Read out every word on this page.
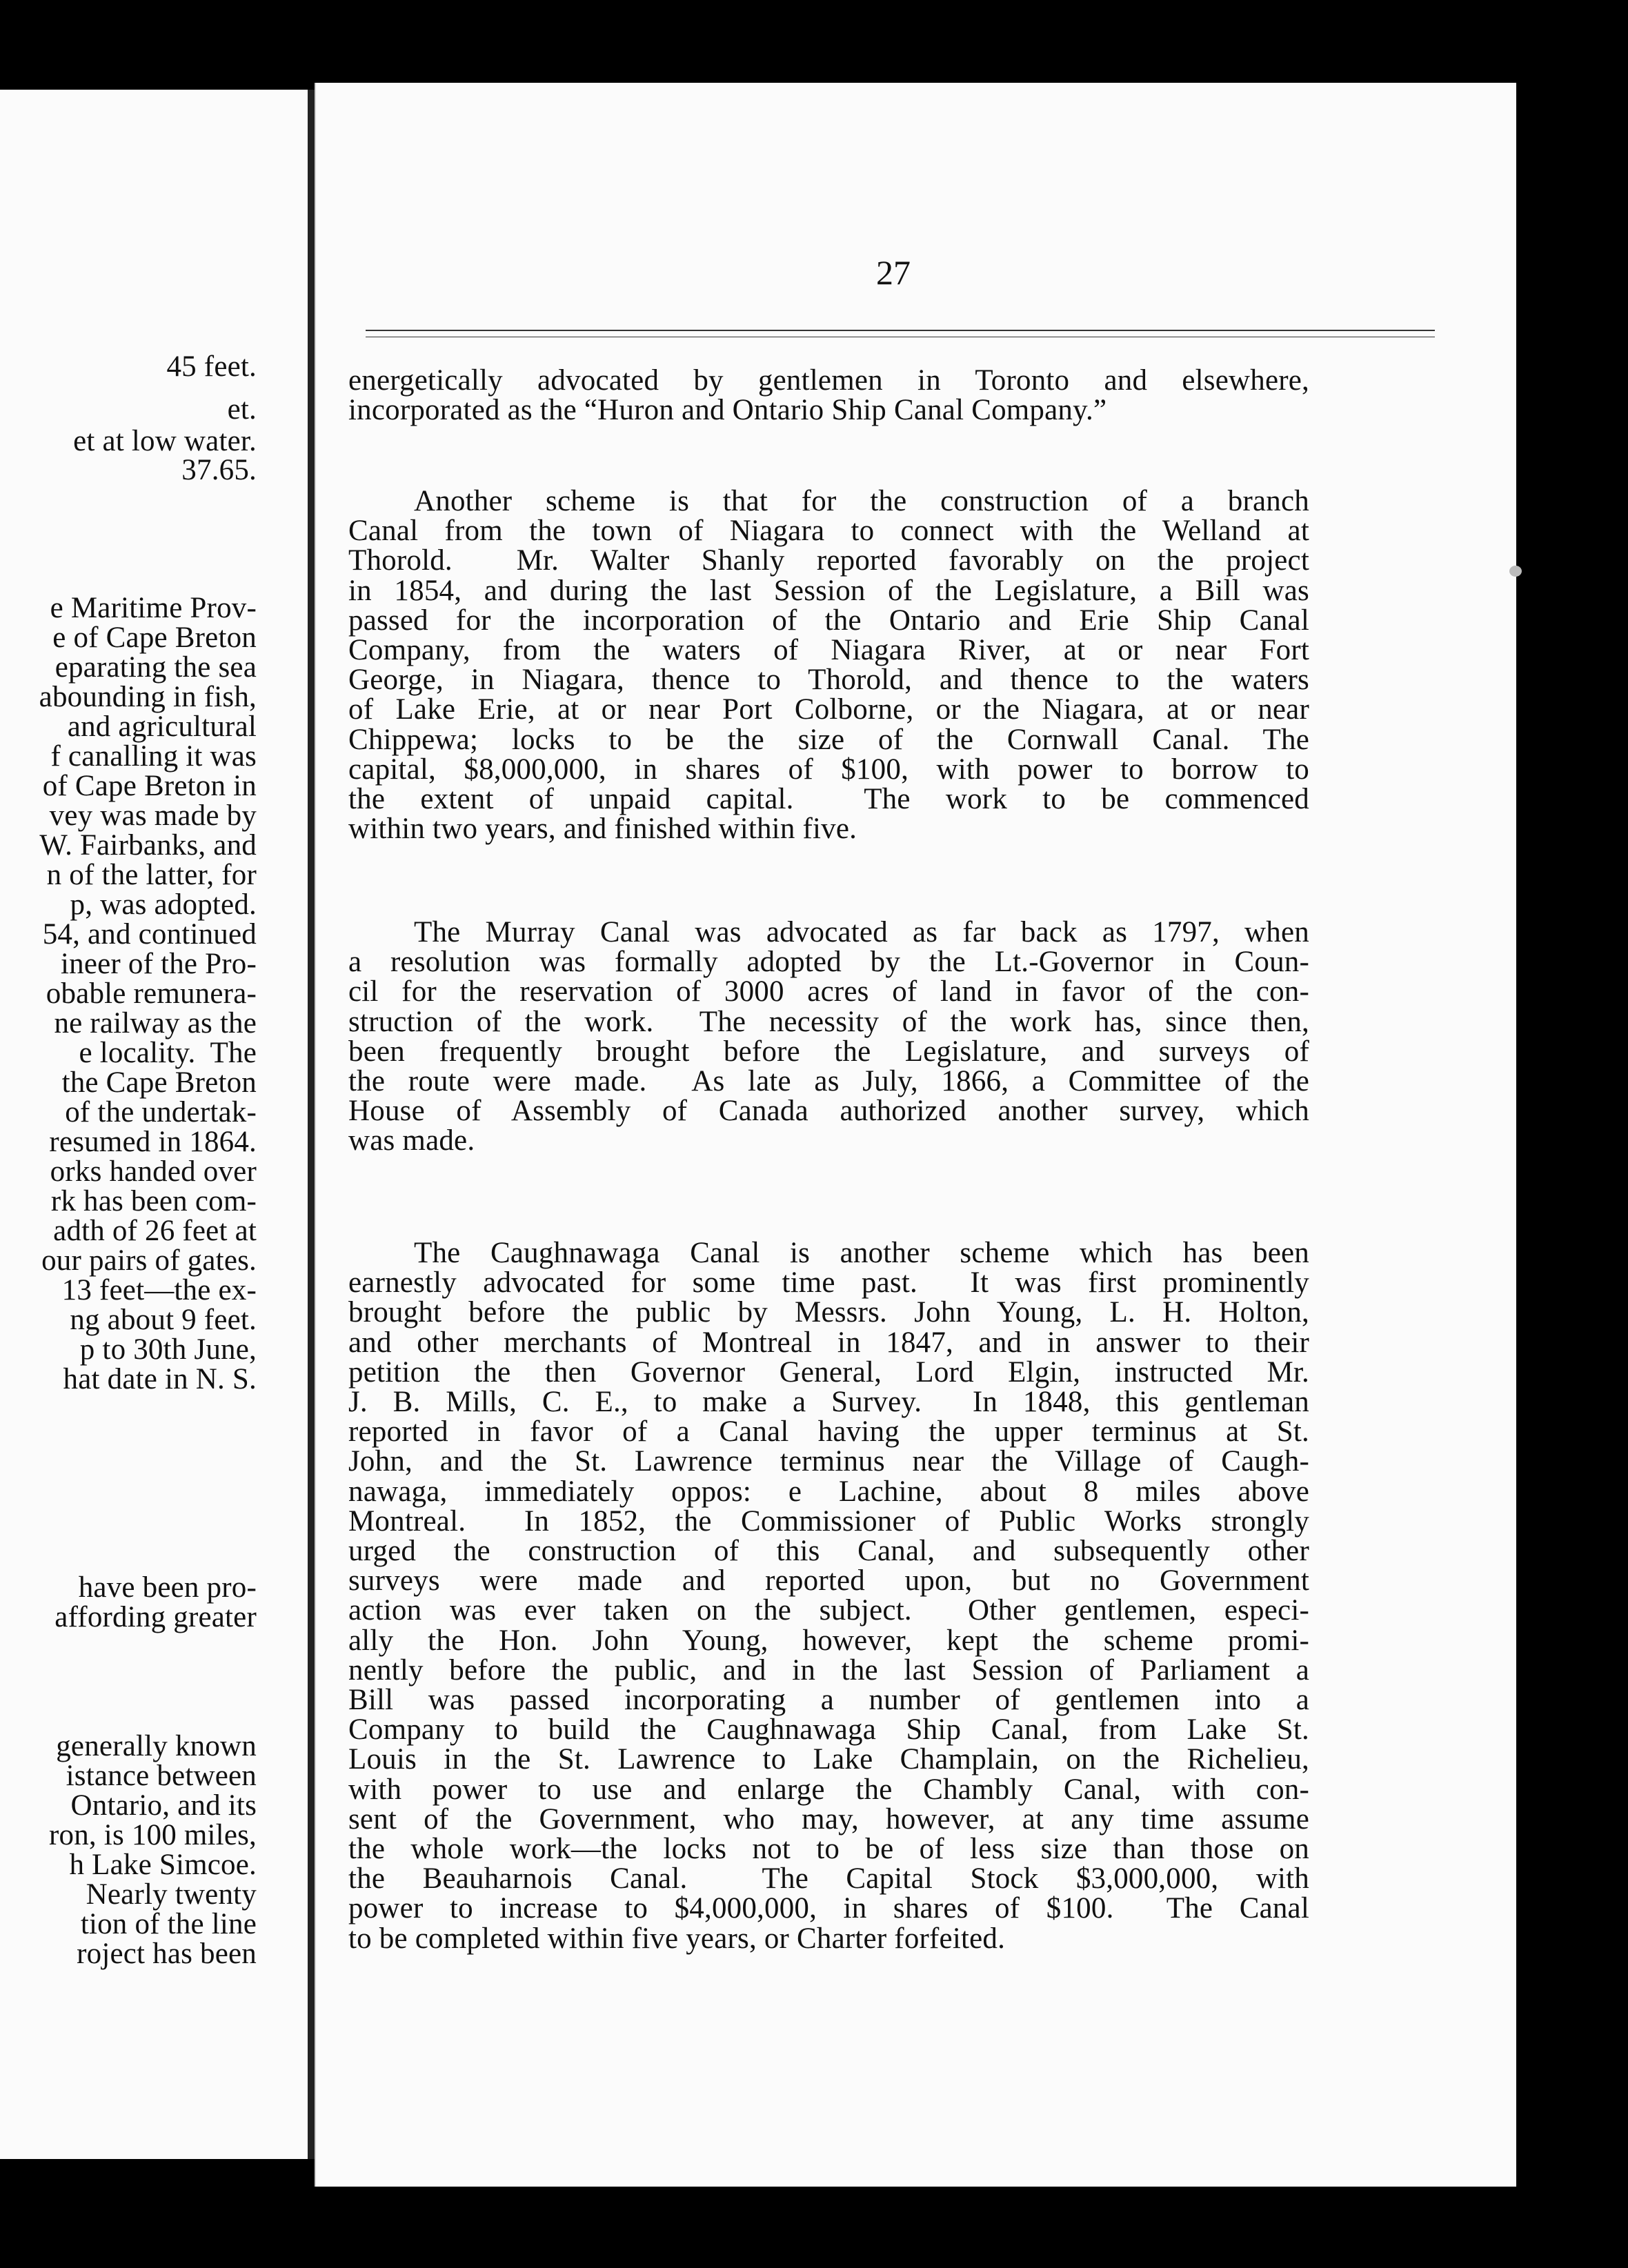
27
energetically advocated by gentlemen in Toronto and elsewhere,
incorporated as the “Huron and Ontario Ship Canal Company.”
Another scheme is that for the construction of a branch
Canal from the town of Niagara to connect with the Welland at
Thorold.  Mr. Walter Shanly reported favorably on the project
in 1854, and during the last Session of the Legislature, a Bill was
passed for the incorporation of the Ontario and Erie Ship Canal
Company, from the waters of Niagara River, at or near Fort
George, in Niagara, thence to Thorold, and thence to the waters
of Lake Erie, at or near Port Colborne, or the Niagara, at or near
Chippewa; locks to be the size of the Cornwall Canal. The
capital, $8,000,000, in shares of $100, with power to borrow to
the extent of unpaid capital.  The work to be commenced
within two years, and finished within five.
The Murray Canal was advocated as far back as 1797, when
a resolution was formally adopted by the Lt.-Governor in Coun-
cil for the reservation of 3000 acres of land in favor of the con-
struction of the work.  The necessity of the work has, since then,
been frequently brought before the Legislature, and surveys of
the route were made.  As late as July, 1866, a Committee of the
House of Assembly of Canada authorized another survey, which
was made.
The Caughnawaga Canal is another scheme which has been
earnestly advocated for some time past.  It was first prominently
brought before the public by Messrs. John Young, L. H. Holton,
and other merchants of Montreal in 1847, and in answer to their
petition the then Governor General, Lord Elgin, instructed Mr.
J. B. Mills, C. E., to make a Survey.  In 1848, this gentleman
reported in favor of a Canal having the upper terminus at St.
John, and the St. Lawrence terminus near the Village of Caugh-
nawaga, immediately oppos: e Lachine, about 8 miles above
Montreal.  In 1852, the Commissioner of Public Works strongly
urged the construction of this Canal, and subsequently other
surveys were made and reported upon, but no Government
action was ever taken on the subject.  Other gentlemen, especi-
ally the Hon. John Young, however, kept the scheme promi-
nently before the public, and in the last Session of Parliament a
Bill was passed incorporating a number of gentlemen into a
Company to build the Caughnawaga Ship Canal, from Lake St.
Louis in the St. Lawrence to Lake Champlain, on the Richelieu,
with power to use and enlarge the Chambly Canal, with con-
sent of the Government, who may, however, at any time assume
the whole work—the locks not to be of less size than those on
the Beauharnois Canal.  The Capital Stock $3,000,000, with
power to increase to $4,000,000, in shares of $100.  The Canal
to be completed within five years, or Charter forfeited.
45 feet.
et.
et at low water.
37.65.
e Maritime Prov-
e of Cape Breton
eparating the sea
abounding in fish,
and agricultural
f canalling it was
of Cape Breton in
vey was made by
W. Fairbanks, and
n of the latter, for
p, was adopted.
54, and continued
ineer of the Pro-
obable remunera-
ne railway as the
e locality.  The
the Cape Breton
of the undertak-
resumed in 1864.
orks handed over
rk has been com-
adth of 26 feet at
our pairs of gates.
13 feet—the ex-
ng about 9 feet.
p to 30th June,
hat date in N. S.
have been pro-
affording greater
generally known
istance between
Ontario, and its
ron, is 100 miles,
h Lake Simcoe.
Nearly twenty
tion of the line
roject has been
